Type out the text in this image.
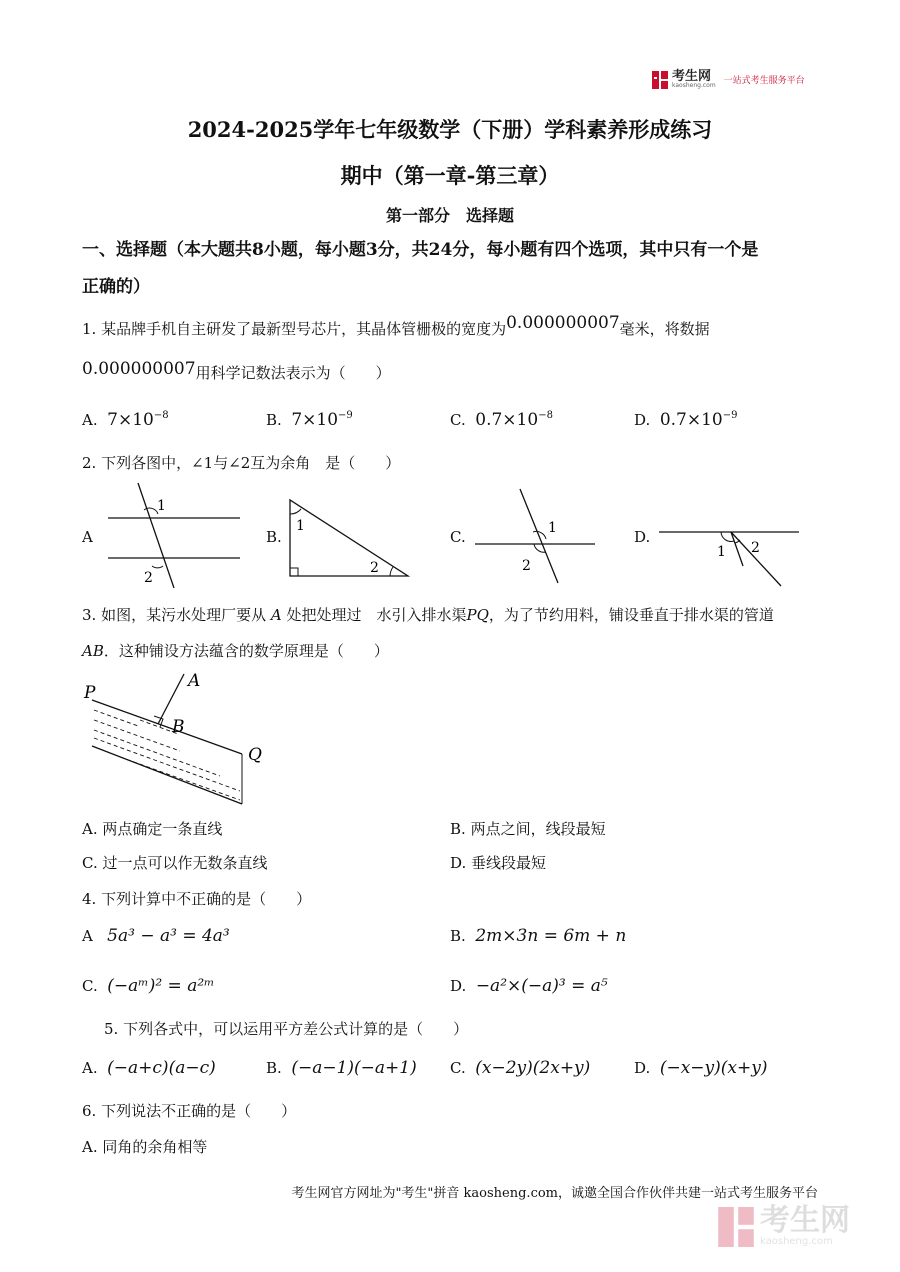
考生网
kaosheng.com 一站式考生服务平台
2024-2025学年七年级数学（下册）学科素养形成练习
期中（第一章-第三章）
第一部分　选择题
一、选择题（本大题共8小题，每小题3分，共24分，每小题有四个选项，其中只有一个是
正确的）
1. 某品牌手机自主研发了最新型号芯片，其晶体管栅极的宽度为0.000000007毫米，将数据
0.000000007用科学记数法表示为（　　）
A. $7\times 10^{-8}$	B. $7\times 10^{-9}$	C. $0.7\times 10^{-8}$	D. $0.7\times 10^{-9}$
2. 下列各图中，∠1与∠2互为余角　是（　　）
A
1
2
B.
1
2
C.	1
2
D.
1 2
3. 如图，某污水处理厂要从 A 处把处理过　水引入排水渠PQ，为了节约用料，铺设垂直于排水渠的管道
AB．这种铺设方法蕴含的数学原理是（　　）
P
A
B
Q
A. 两点确定一条直线	B. 两点之间，线段最短
C. 过一点可以作无数条直线	D. 垂线段最短
4. 下列计算中不正确的是（　　）
A 5a³ − a³ = 4a³	B. 2m×3n = 6m + n
C. (−aᵐ)² = a²ᵐ	D. −a²×(−a)³ = a⁵
5. 下列各式中，可以运用平方差公式计算的是（　　）
A. (−a+c)(a−c)	B. (−a−1)(−a+1) C. (x−2y)(2x+y)	D. (−x−y)(x+y)
6. 下列说法不正确的是（　　）
A. 同角的余角相等
考生网官方网址为"考生"拼音 kaosheng.com，诚邀全国合作伙伴共建一站式考生服务平台
考生网
kaosheng.com
